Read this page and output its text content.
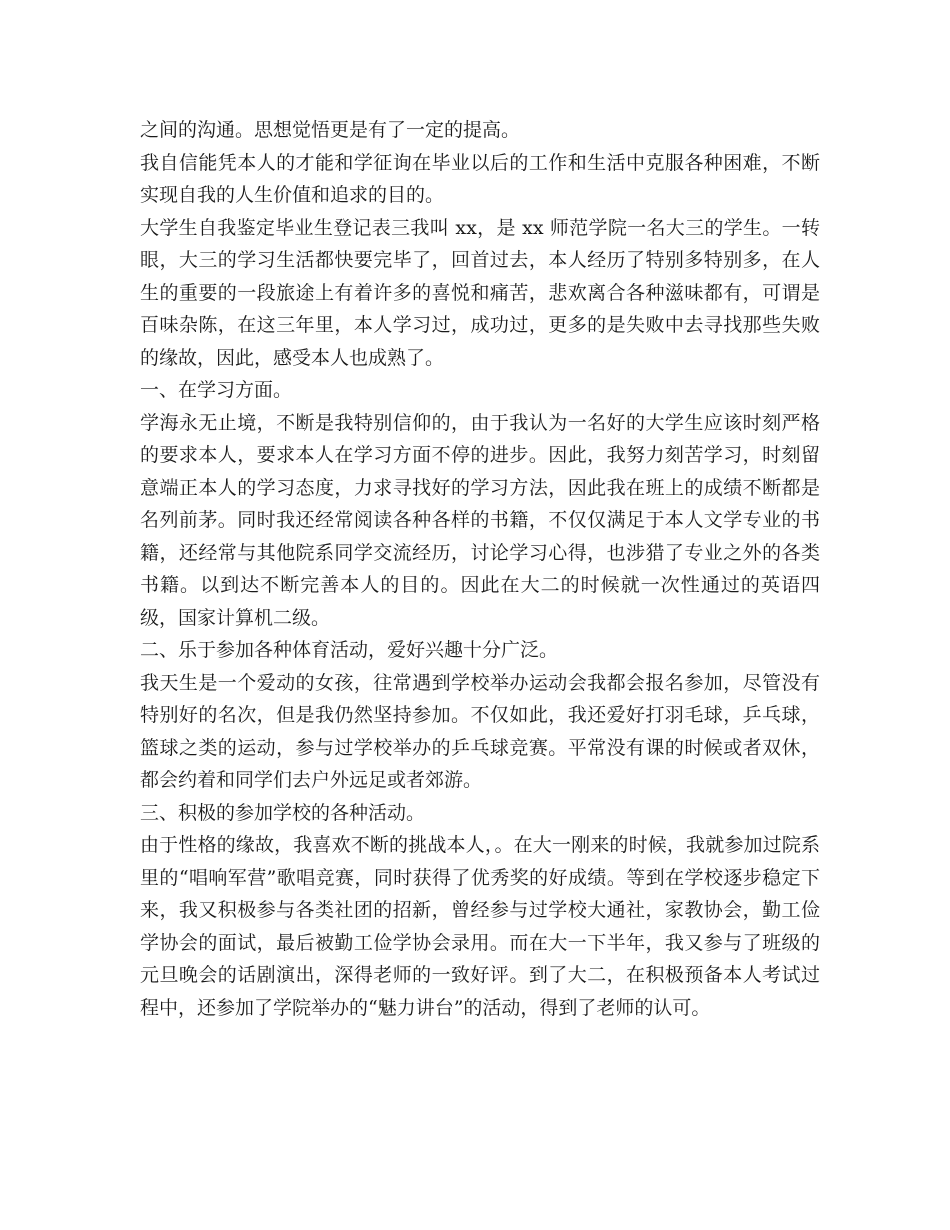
之间的沟通。思想觉悟更是有了一定的提高。

我自信能凭本人的才能和学征询在毕业以后的工作和生活中克服各种困难，不断实现自我的人生价值和追求的目的。

大学生自我鉴定毕业生登记表三我叫 xx，是 xx 师范学院一名大三的学生。一转眼，大三的学习生活都快要完毕了，回首过去，本人经历了特别多特别多，在人生的重要的一段旅途上有着许多的喜悦和痛苦，悲欢离合各种滋味都有，可谓是百味杂陈，在这三年里，本人学习过，成功过，更多的是失败中去寻找那些失败的缘故，因此，感受本人也成熟了。

一、在学习方面。

学海永无止境，不断是我特别信仰的，由于我认为一名好的大学生应该时刻严格的要求本人，要求本人在学习方面不停的进步。因此，我努力刻苦学习，时刻留意端正本人的学习态度，力求寻找好的学习方法，因此我在班上的成绩不断都是名列前茅。同时我还经常阅读各种各样的书籍，不仅仅满足于本人文学专业的书籍，还经常与其他院系同学交流经历，讨论学习心得，也涉猎了专业之外的各类书籍。以到达不断完善本人的目的。因此在大二的时候就一次性通过的英语四级，国家计算机二级。

二、乐于参加各种体育活动，爱好兴趣十分广泛。

我天生是一个爱动的女孩，往常遇到学校举办运动会我都会报名参加，尽管没有特别好的名次，但是我仍然坚持参加。不仅如此，我还爱好打羽毛球，乒乓球，篮球之类的运动，参与过学校举办的乒乓球竞赛。平常没有课的时候或者双休，都会约着和同学们去户外远足或者郊游。

三、积极的参加学校的各种活动。

由于性格的缘故，我喜欢不断的挑战本人，。在大一刚来的时候，我就参加过院系里的“唱响军营”歌唱竞赛，同时获得了优秀奖的好成绩。等到在学校逐步稳定下来，我又积极参与各类社团的招新，曾经参与过学校大通社，家教协会，勤工俭学协会的面试，最后被勤工俭学协会录用。而在大一下半年，我又参与了班级的元旦晚会的话剧演出，深得老师的一致好评。到了大二，在积极预备本人考试过程中，还参加了学院举办的“魅力讲台”的活动，得到了老师的认可。
